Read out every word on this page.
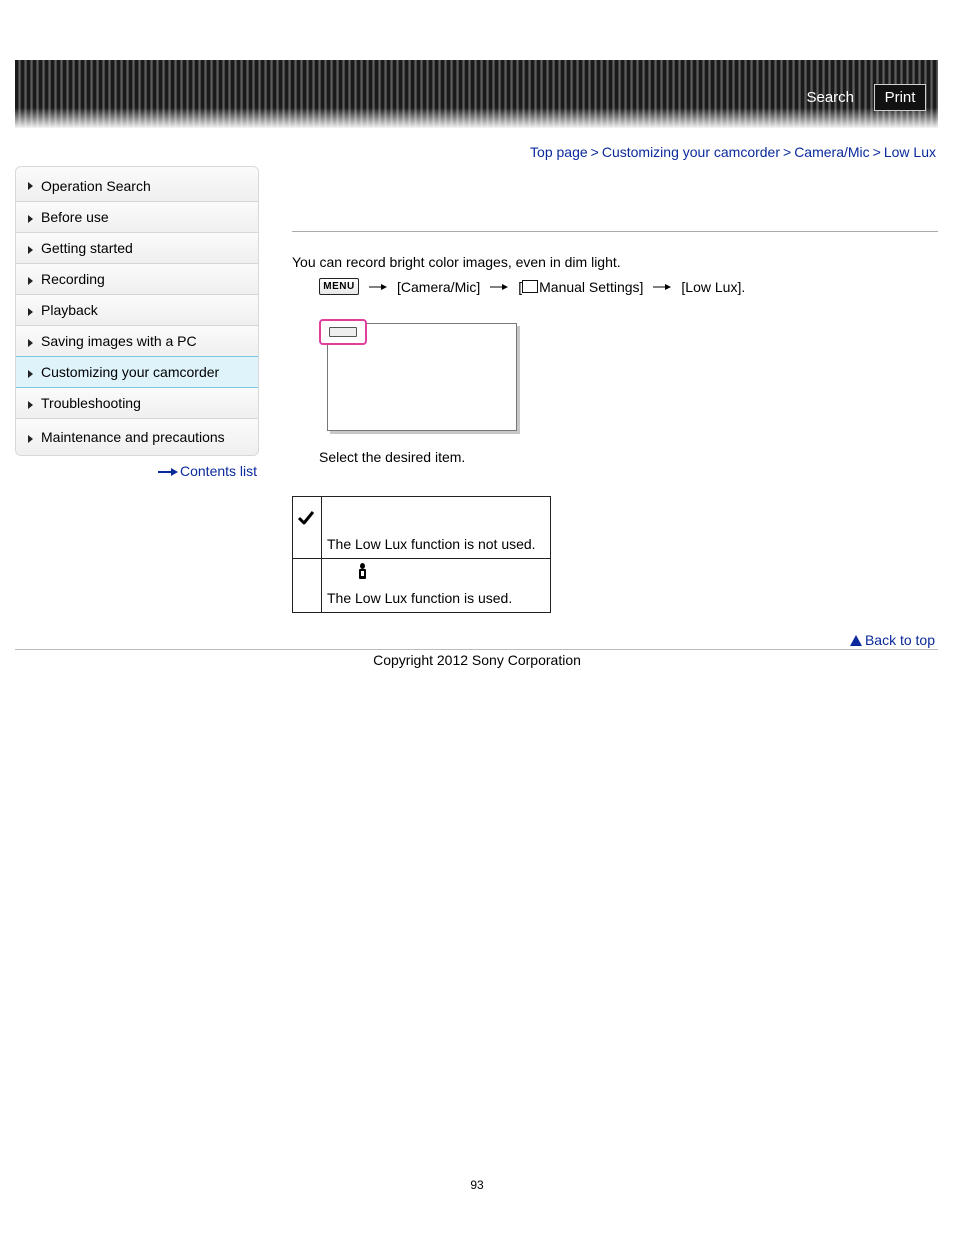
Search	Print
Top page > Customizing your camcorder > Camera/Mic > Low Lux
Operation Search
Before use
Getting started
Recording
Playback
Saving images with a PC
Customizing your camcorder
Troubleshooting
Maintenance and precautions
Contents list
You can record bright color images, even in dim light.
MENU	[Camera/Mic]	[ Manual Settings]	[Low Lux].
Select the desired item.
	The Low Lux function is not used.

The Low Lux function is used.
Back to top
Copyright 2012 Sony Corporation
93
